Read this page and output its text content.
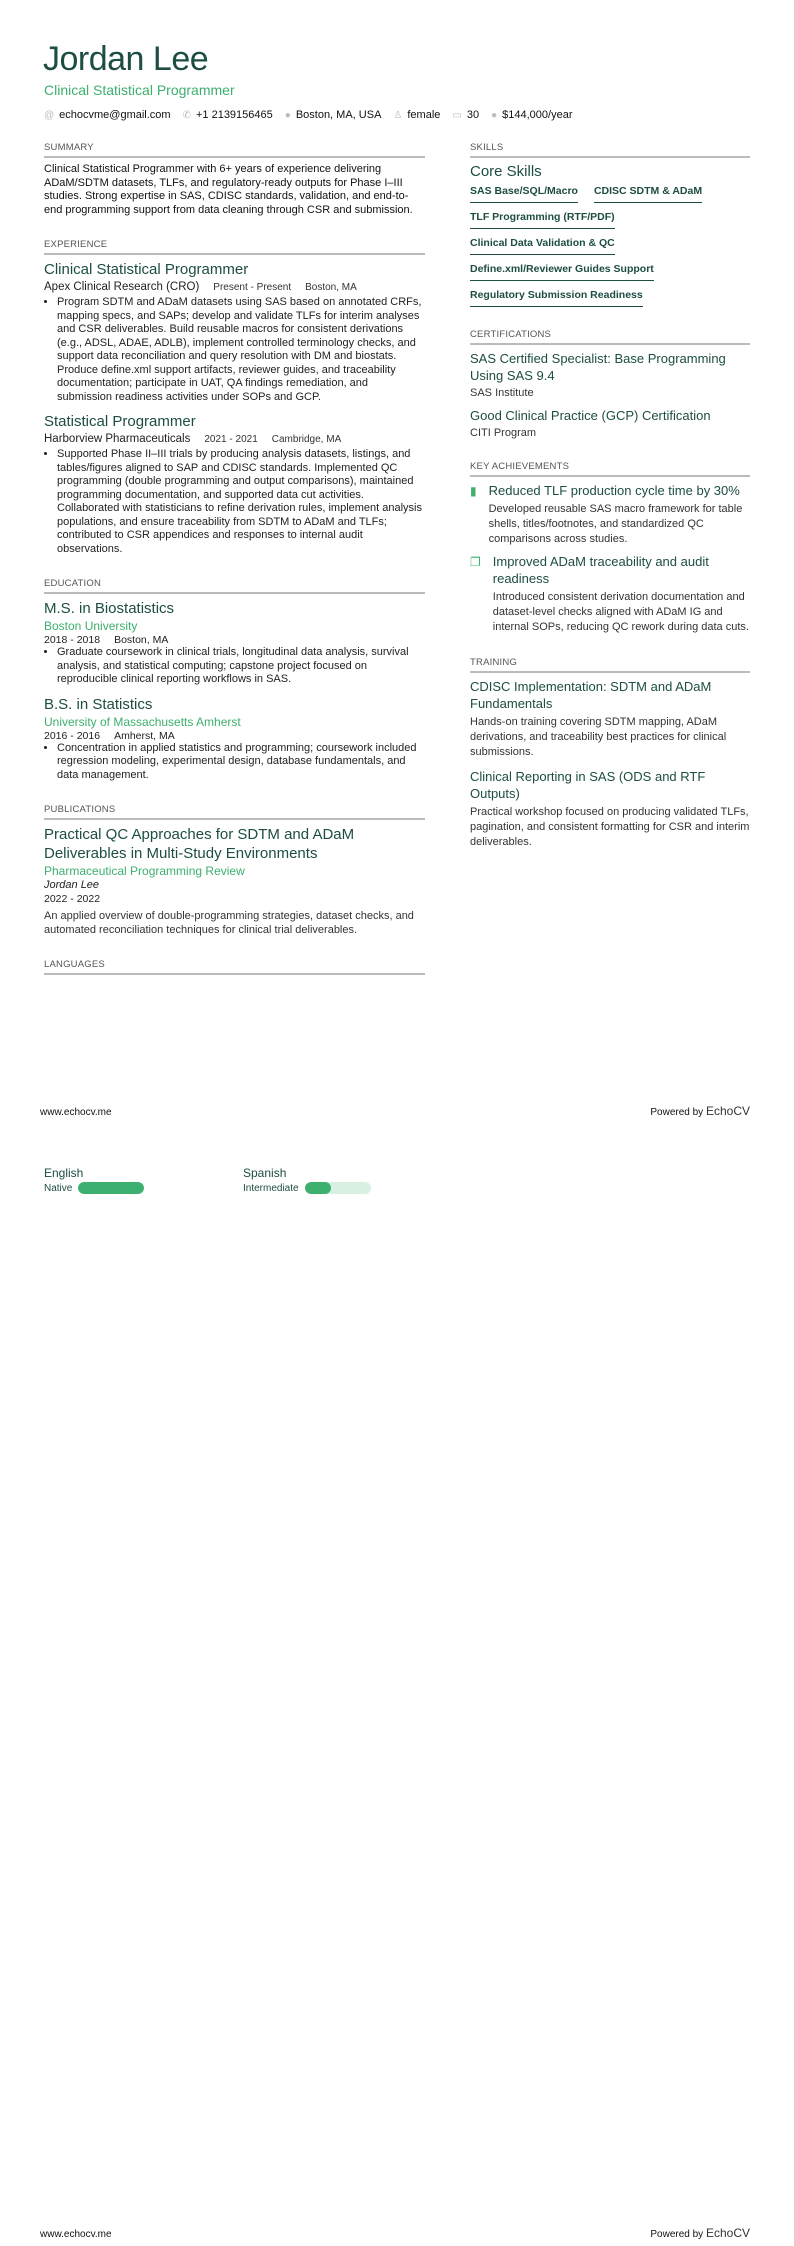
Jordan Lee
Clinical Statistical Programmer
@ echocvme@gmail.com ✆ +1 2139156465 ● Boston, MA, USA ♙ female ▭ 30 ● $144,000/year
SUMMARY
Clinical Statistical Programmer with 6+ years of experience delivering ADaM/SDTM datasets, TLFs, and regulatory-ready outputs for Phase I–III studies. Strong expertise in SAS, CDISC standards, validation, and end-to-end programming support from data cleaning through CSR and submission.
EXPERIENCE
Clinical Statistical Programmer
Apex Clinical Research (CRO) Present - Present Boston, MA
• Program SDTM and ADaM datasets using SAS based on annotated CRFs, mapping specs, and SAPs; develop and validate TLFs for interim analyses and CSR deliverables. Build reusable macros for consistent derivations (e.g., ADSL, ADAE, ADLB), implement controlled terminology checks, and support data reconciliation and query resolution with DM and biostats. Produce define.xml support artifacts, reviewer guides, and traceability documentation; participate in UAT, QA findings remediation, and submission readiness activities under SOPs and GCP.
Statistical Programmer
Harborview Pharmaceuticals 2021 - 2021 Cambridge, MA
• Supported Phase II–III trials by producing analysis datasets, listings, and tables/figures aligned to SAP and CDISC standards. Implemented QC programming (double programming and output comparisons), maintained programming documentation, and supported data cut activities. Collaborated with statisticians to refine derivation rules, implement analysis populations, and ensure traceability from SDTM to ADaM and TLFs; contributed to CSR appendices and responses to internal audit observations.
EDUCATION
M.S. in Biostatistics
Boston University
2018 - 2018 Boston, MA
• Graduate coursework in clinical trials, longitudinal data analysis, survival analysis, and statistical computing; capstone project focused on reproducible clinical reporting workflows in SAS.
B.S. in Statistics
University of Massachusetts Amherst
2016 - 2016 Amherst, MA
• Concentration in applied statistics and programming; coursework included regression modeling, experimental design, database fundamentals, and data management.
PUBLICATIONS
Practical QC Approaches for SDTM and ADaM Deliverables in Multi-Study Environments
Pharmaceutical Programming Review
Jordan Lee
2022 - 2022
An applied overview of double-programming strategies, dataset checks, and automated reconciliation techniques for clinical trial deliverables.
LANGUAGES
SKILLS
Core Skills
SAS Base/SQL/Macro CDISC SDTM & ADaM
TLF Programming (RTF/PDF)
Clinical Data Validation & QC
Define.xml/Reviewer Guides Support
Regulatory Submission Readiness
CERTIFICATIONS
SAS Certified Specialist: Base Programming Using SAS 9.4
SAS Institute
Good Clinical Practice (GCP) Certification
CITI Program
KEY ACHIEVEMENTS
▮ Reduced TLF production cycle time by 30%
Developed reusable SAS macro framework for table shells, titles/footnotes, and standardized QC comparisons across studies.
❐ Improved ADaM traceability and audit readiness
Introduced consistent derivation documentation and dataset-level checks aligned with ADaM IG and internal SOPs, reducing QC rework during data cuts.
TRAINING
CDISC Implementation: SDTM and ADaM Fundamentals
Hands-on training covering SDTM mapping, ADaM derivations, and traceability best practices for clinical submissions.
Clinical Reporting in SAS (ODS and RTF Outputs)
Practical workshop focused on producing validated TLFs, pagination, and consistent formatting for CSR and interim deliverables.
www.echocv.me	Powered by EchoCV
English
Native
Spanish
Intermediate
www.echocv.me	Powered by EchoCV
